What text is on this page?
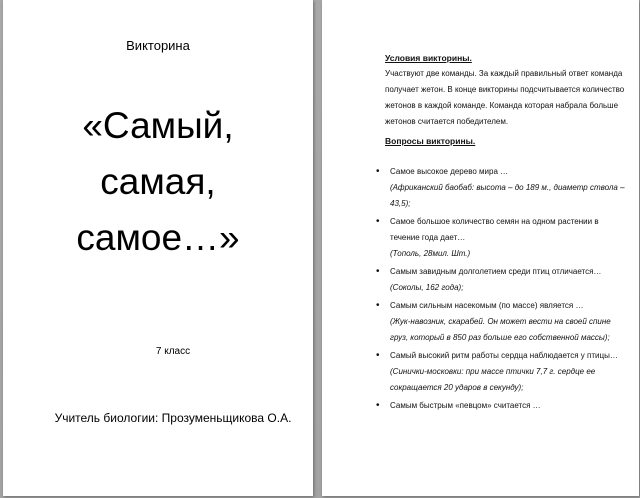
Викторина
«Самый,
самая,
самое…»
7 класс
Учитель биологии: Прозуменьщикова О.А.
Условия викторины.

Участвуют две команды. За каждый правильный ответ команда получает жетон. В конце викторины подсчитывается количество жетонов в каждой команде. Команда которая набрала больше жетонов считается победителем.

Вопросы викторины.
• Самое высокое дерево мира …
(Африканский баобаб: высота – до 189 м., диаметр ствола – 43,5);
• Самое большое количество семян на одном растении в течение года дает…
(Тополь, 28мил. Шт.)
• Самым завидным долголетием среди птиц отличается…
(Соколы, 162 года);
• Самым сильным насекомым (по массе) является …
(Жук-навозник, скарабей. Он может вести на своей спине груз, который в 850 раз больше его собственной массы);
• Самый высокий ритм работы сердца наблюдается у птицы…
(Синички-московки: при массе птички 7,7 г. сердце ее сокращается 20 ударов в секунду);
• Самым быстрым «певцом» считается …
